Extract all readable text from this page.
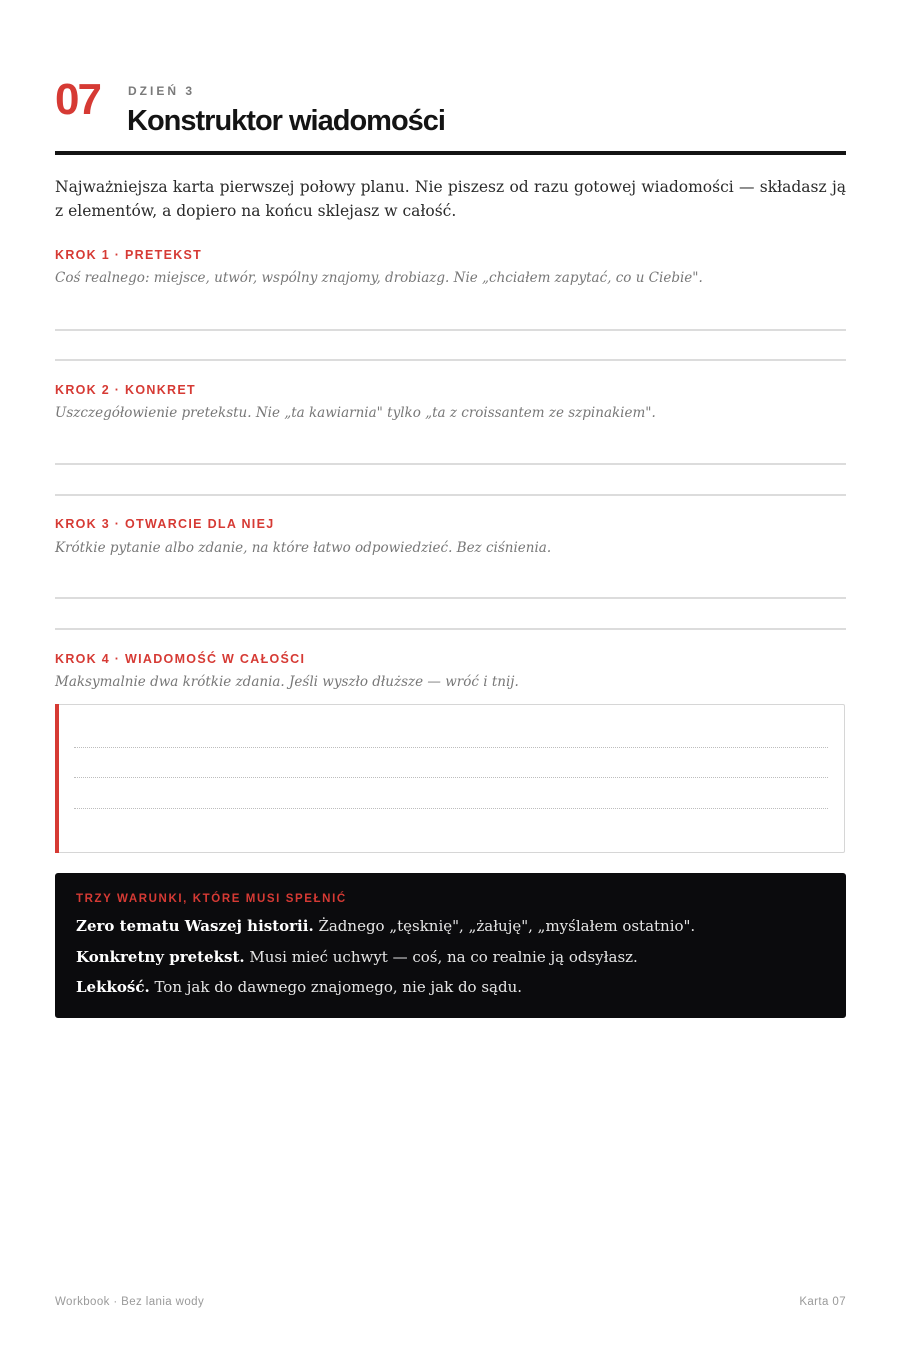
07 DZIEŃ 3
Konstruktor wiadomości
Najważniejsza karta pierwszej połowy planu. Nie piszesz od razu gotowej wiadomości — składasz ją z elementów, a dopiero na końcu sklejasz w całość.
KROK 1 · PRETEKST
Coś realnego: miejsce, utwór, wspólny znajomy, drobiazg. Nie „chciałem zapytać, co u Ciebie".
KROK 2 · KONKRET
Uszczegółowienie pretekstu. Nie „ta kawiarnia" tylko „ta z croissantem ze szpinakiem".
KROK 3 · OTWARCIE DLA NIEJ
Krótkie pytanie albo zdanie, na które łatwo odpowiedzieć. Bez ciśnienia.
KROK 4 · WIADOMOŚĆ W CAŁOŚCI
Maksymalnie dwa krótkie zdania. Jeśli wyszło dłuższe — wróć i tnij.
TRZY WARUNKI, KTÓRE MUSI SPEŁNIĆ
Zero tematu Waszej historii. Żadnego „tęsknię", „żałuję", „myślałem ostatnio".
Konkretny pretekst. Musi mieć uchwyt — coś, na co realnie ją odsyłasz.
Lekkość. Ton jak do dawnego znajomego, nie jak do sądu.
Workbook · Bez lania wody	Karta 07
